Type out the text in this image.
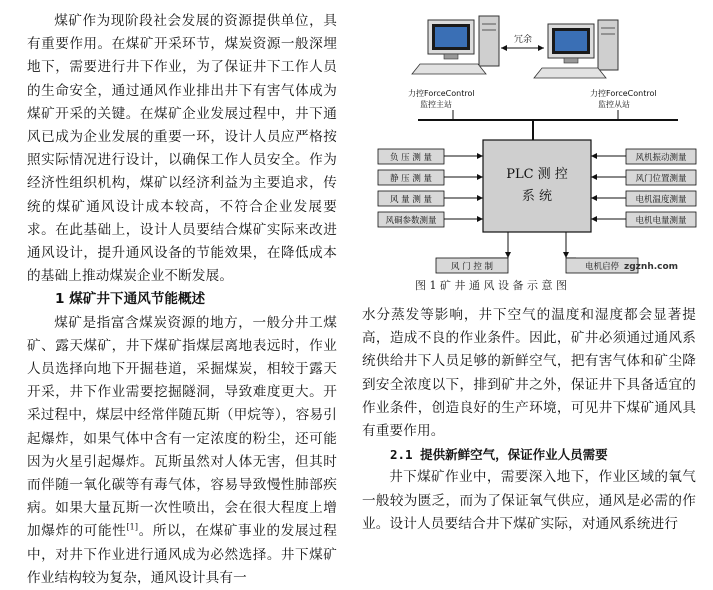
煤矿作为现阶段社会发展的资源提供单位，具有重要作用。在煤矿开采环节，煤炭资源一般深埋地下，需要进行井下作业，为了保证井下工作人员的生命安全，通过通风作业排出井下有害气体成为煤矿开采的关键。在煤矿企业发展过程中，井下通风已成为企业发展的重要一环，设计人员应严格按照实际情况进行设计，以确保工作人员安全。作为经济性组织机构，煤矿以经济利益为主要追求，传统的煤矿通风设计成本较高，不符合企业发展要求。在此基础上，设计人员要结合煤矿实际来改进通风设计，提升通风设备的节能效果，在降低成本的基础上推动煤炭企业不断发展。

1 煤矿井下通风节能概述

煤矿是指富含煤炭资源的地方，一般分井工煤矿、露天煤矿，井下煤矿指煤层离地表远时，作业人员选择向地下开掘巷道，采掘煤炭，相较于露天开采，井下作业需要挖掘隧洞，导致难度更大。开采过程中，煤层中经常伴随瓦斯（甲烷等），容易引起爆炸，如果气体中含有一定浓度的粉尘，还可能因为火星引起爆炸。瓦斯虽然对人体无害，但其时而伴随一氧化碳等有毒气体，容易导致慢性肺部疾病。如果大量瓦斯一次性喷出，会在很大程度上增加爆炸的可能性[1]。所以，在煤矿事业的发展过程中，对井下作业进行通风成为必然选择。井下煤矿作业结构较为复杂，通风设计具有一

冗余
力控ForceControl
监控主站
力控ForceControl
监控从站
PLC 测 控
系 统
负 压 测 量
静 压 测 量
风 量 测 量
风硐参数测量
风机振动测量
风门位置测量
电机温度测量
电机电量测量
风 门 控 制	电机启停 zgznh.com
图 1 矿 井 通 风 设 备 示 意 图

水分蒸发等影响，井下空气的温度和湿度都会显著提高，造成不良的作业条件。因此，矿井必须通过通风系统供给井下人员足够的新鲜空气，把有害气体和矿尘降到安全浓度以下，排到矿井之外，保证井下具备适宜的作业条件，创造良好的生产环境，可见井下煤矿通风具有重要作用。

2.1 提供新鲜空气，保证作业人员需要

井下煤矿作业中，需要深入地下，作业区域的氧气一般较为匮乏，而为了保证氧气供应，通风是必需的作业。设计人员要结合井下煤矿实际，对通风系统进行
